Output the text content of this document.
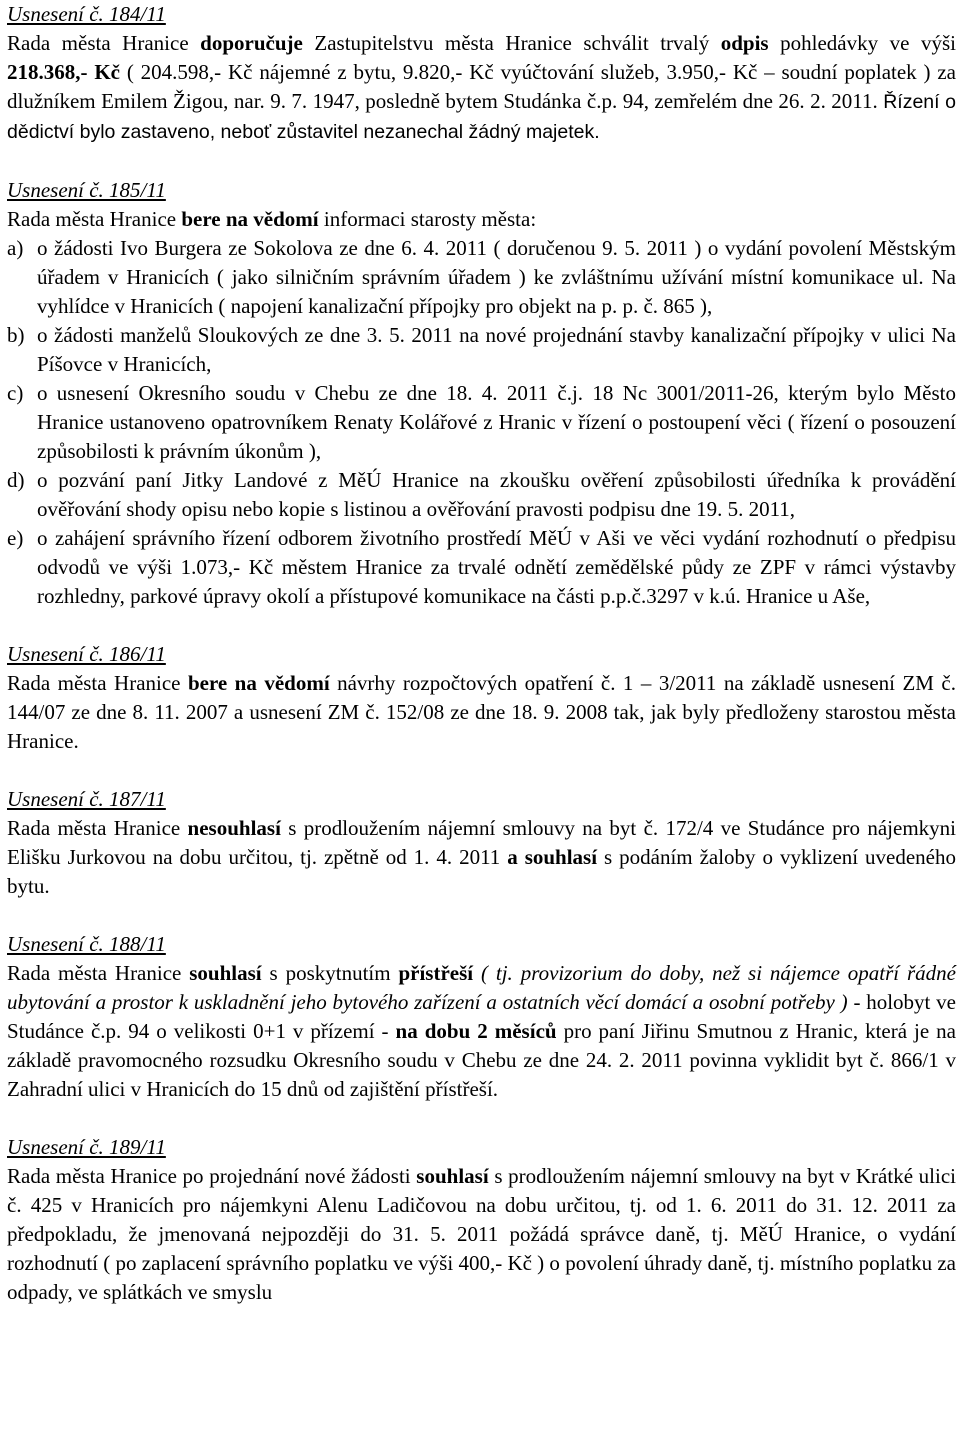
Usnesení č. 184/11

Rada města Hranice doporučuje Zastupitelstvu města Hranice schválit trvalý odpis pohledávky ve výši 218.368,- Kč ( 204.598,- Kč nájemné z bytu, 9.820,- Kč vyúčtování služeb, 3.950,- Kč – soudní poplatek ) za dlužníkem Emilem Žigou, nar. 9. 7. 1947, posledně bytem Studánka č.p. 94, zemřelém dne 26. 2. 2011. Řízení o dědictví bylo zastaveno, neboť zůstavitel nezanechal žádný majetek.

Usnesení č. 185/11

Rada města Hranice bere na vědomí informaci starosty města:

a) o žádosti Ivo Burgera ze Sokolova ze dne 6. 4. 2011 ( doručenou 9. 5. 2011 ) o vydání povolení Městským úřadem v Hranicích ( jako silničním správním úřadem ) ke zvláštnímu užívání místní komunikace ul. Na vyhlídce v Hranicích ( napojení kanalizační přípojky pro objekt na p. p. č. 865 ),
b) o žádosti manželů Sloukových ze dne 3. 5. 2011 na nové projednání stavby kanalizační přípojky v ulici Na Píšovce v Hranicích,
c) o usnesení Okresního soudu v Chebu ze dne 18. 4. 2011 č.j. 18 Nc 3001/2011-26, kterým bylo Město Hranice ustanoveno opatrovníkem Renaty Kolářové z Hranic v řízení o postoupení věci ( řízení o posouzení způsobilosti k právním úkonům ),
d) o pozvání paní Jitky Landové z MěÚ Hranice na zkoušku ověření způsobilosti úředníka k provádění ověřování shody opisu nebo kopie s listinou a ověřování pravosti podpisu dne 19. 5. 2011,
e) o zahájení správního řízení odborem životního prostředí MěÚ v Aši ve věci vydání rozhodnutí o předpisu odvodů ve výši 1.073,- Kč městem Hranice za trvalé odnětí zemědělské půdy ze ZPF v rámci výstavby rozhledny, parkové úpravy okolí a přístupové komunikace na části p.p.č.3297 v k.ú. Hranice u Aše,
Usnesení č. 186/11

Rada města Hranice bere na vědomí návrhy rozpočtových opatření č. 1 – 3/2011 na základě usnesení ZM č. 144/07 ze dne 8. 11. 2007 a usnesení ZM č. 152/08 ze dne 18. 9. 2008 tak, jak byly předloženy starostou města Hranice.

Usnesení č. 187/11

Rada města Hranice nesouhlasí s prodloužením nájemní smlouvy na byt č. 172/4 ve Studánce pro nájemkyni Elišku Jurkovou na dobu určitou, tj. zpětně od 1. 4. 2011 a souhlasí s podáním žaloby o vyklizení uvedeného bytu.

Usnesení č. 188/11

Rada města Hranice souhlasí s poskytnutím přístřeší ( tj. provizorium do doby, než si nájemce opatří řádné ubytování a prostor k uskladnění jeho bytového zařízení a ostatních věcí domácí a osobní potřeby ) - holobyt ve Studánce č.p. 94 o velikosti 0+1 v přízemí - na dobu 2 měsíců pro paní Jiřinu Smutnou z Hranic, která je na základě pravomocného rozsudku Okresního soudu v Chebu ze dne 24. 2. 2011 povinna vyklidit byt č. 866/1 v Zahradní ulici v Hranicích do 15 dnů od zajištění přístřeší.

Usnesení č. 189/11

Rada města Hranice po projednání nové žádosti souhlasí s prodloužením nájemní smlouvy na byt v Krátké ulici č. 425 v Hranicích pro nájemkyni Alenu Ladičovou na dobu určitou, tj. od 1. 6. 2011 do 31. 12. 2011 za předpokladu, že jmenovaná nejpozději do 31. 5. 2011 požádá správce daně, tj. MěÚ Hranice, o vydání rozhodnutí ( po zaplacení správního poplatku ve výši 400,- Kč ) o povolení úhrady daně, tj. místního poplatku za odpady, ve splátkách ve smyslu
